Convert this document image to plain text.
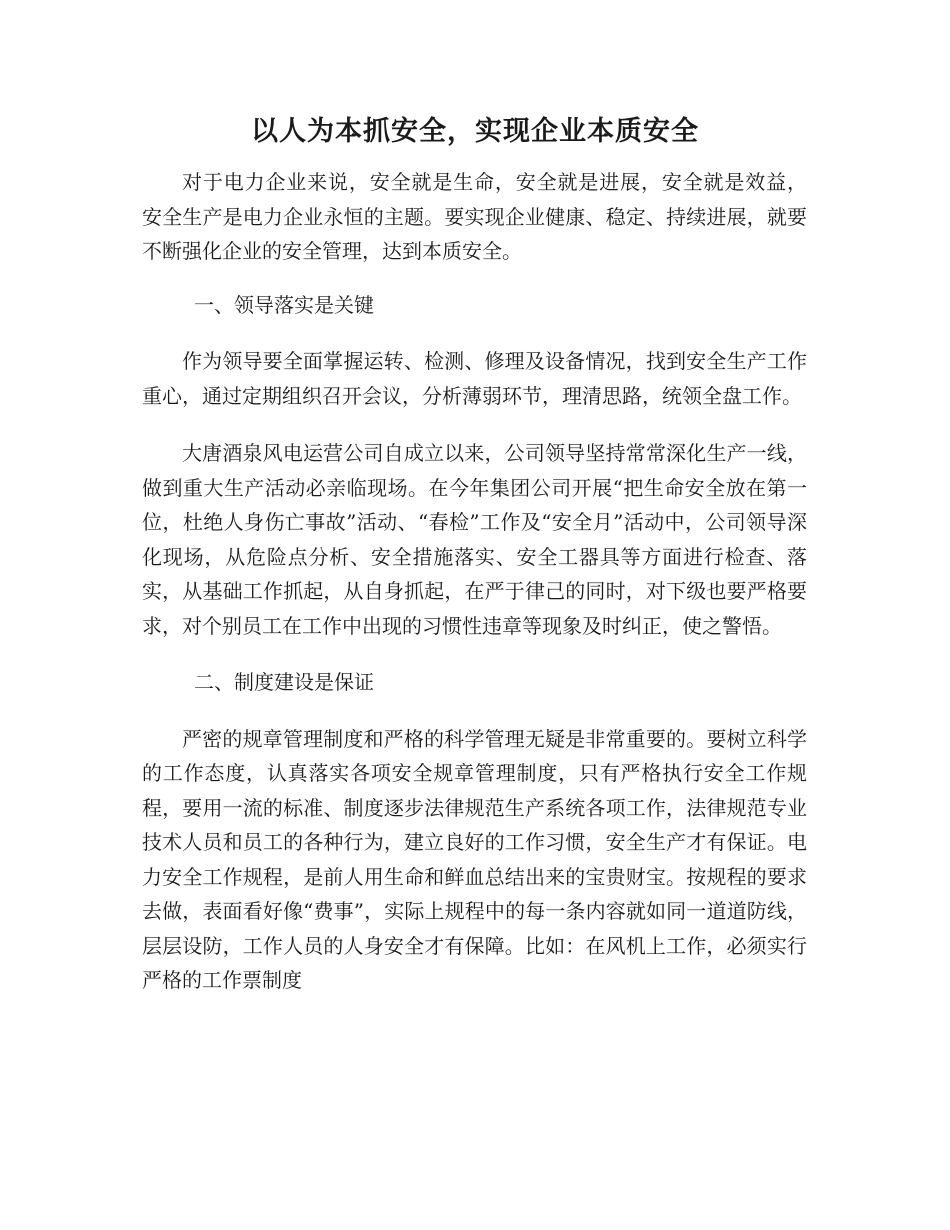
以人为本抓安全，实现企业本质安全

对于电力企业来说，安全就是生命，安全就是进展，安全就是效益， 安全生产是电力企业永恒的主题。要实现企业健康、稳定、持续进展，就要不断强化企业的安全管理，达到本质安全。

一、领导落实是关键

作为领导要全面掌握运转、检测、修理及设备情况，找到安全生产工作重心，通过定期组织召开会议，分析薄弱环节，理清思路，统领全盘工作。

大唐酒泉风电运营公司自成立以来，公司领导坚持常常深化生产一线，做到重大生产活动必亲临现场。在今年集团公司开展“把生命安全放在第一位，杜绝人身伤亡事故”活动、“春检”工作及“安全月”活动中，公司领导深化现场，从危险点分析、安全措施落实、安全工器具等方面进行检查、落实，从基础工作抓起，从自身抓起，在严于律己的同时，对下级也要严格要求，对个别员工在工作中出现的习惯性违章等现象及时纠正，使之警悟。

二、制度建设是保证

严密的规章管理制度和严格的科学管理无疑是非常重要的。要树立科学的工作态度，认真落实各项安全规章管理制度，只有严格执行安全工作规程，要用一流的标准、制度逐步法律规范生产系统各项工作，法律规范专业技术人员和员工的各种行为，建立良好的工作习惯，安全生产才有保证。电力安全工作规程，是前人用生命和鲜血总结出来的宝贵财宝。按规程的要求去做，表面看好像“费事”，实际上规程中的每一条内容就如同一道道防线，层层设防，工作人员的人身安全才有保障。比如：在风机上工作，必须实行严格的工作票制度
